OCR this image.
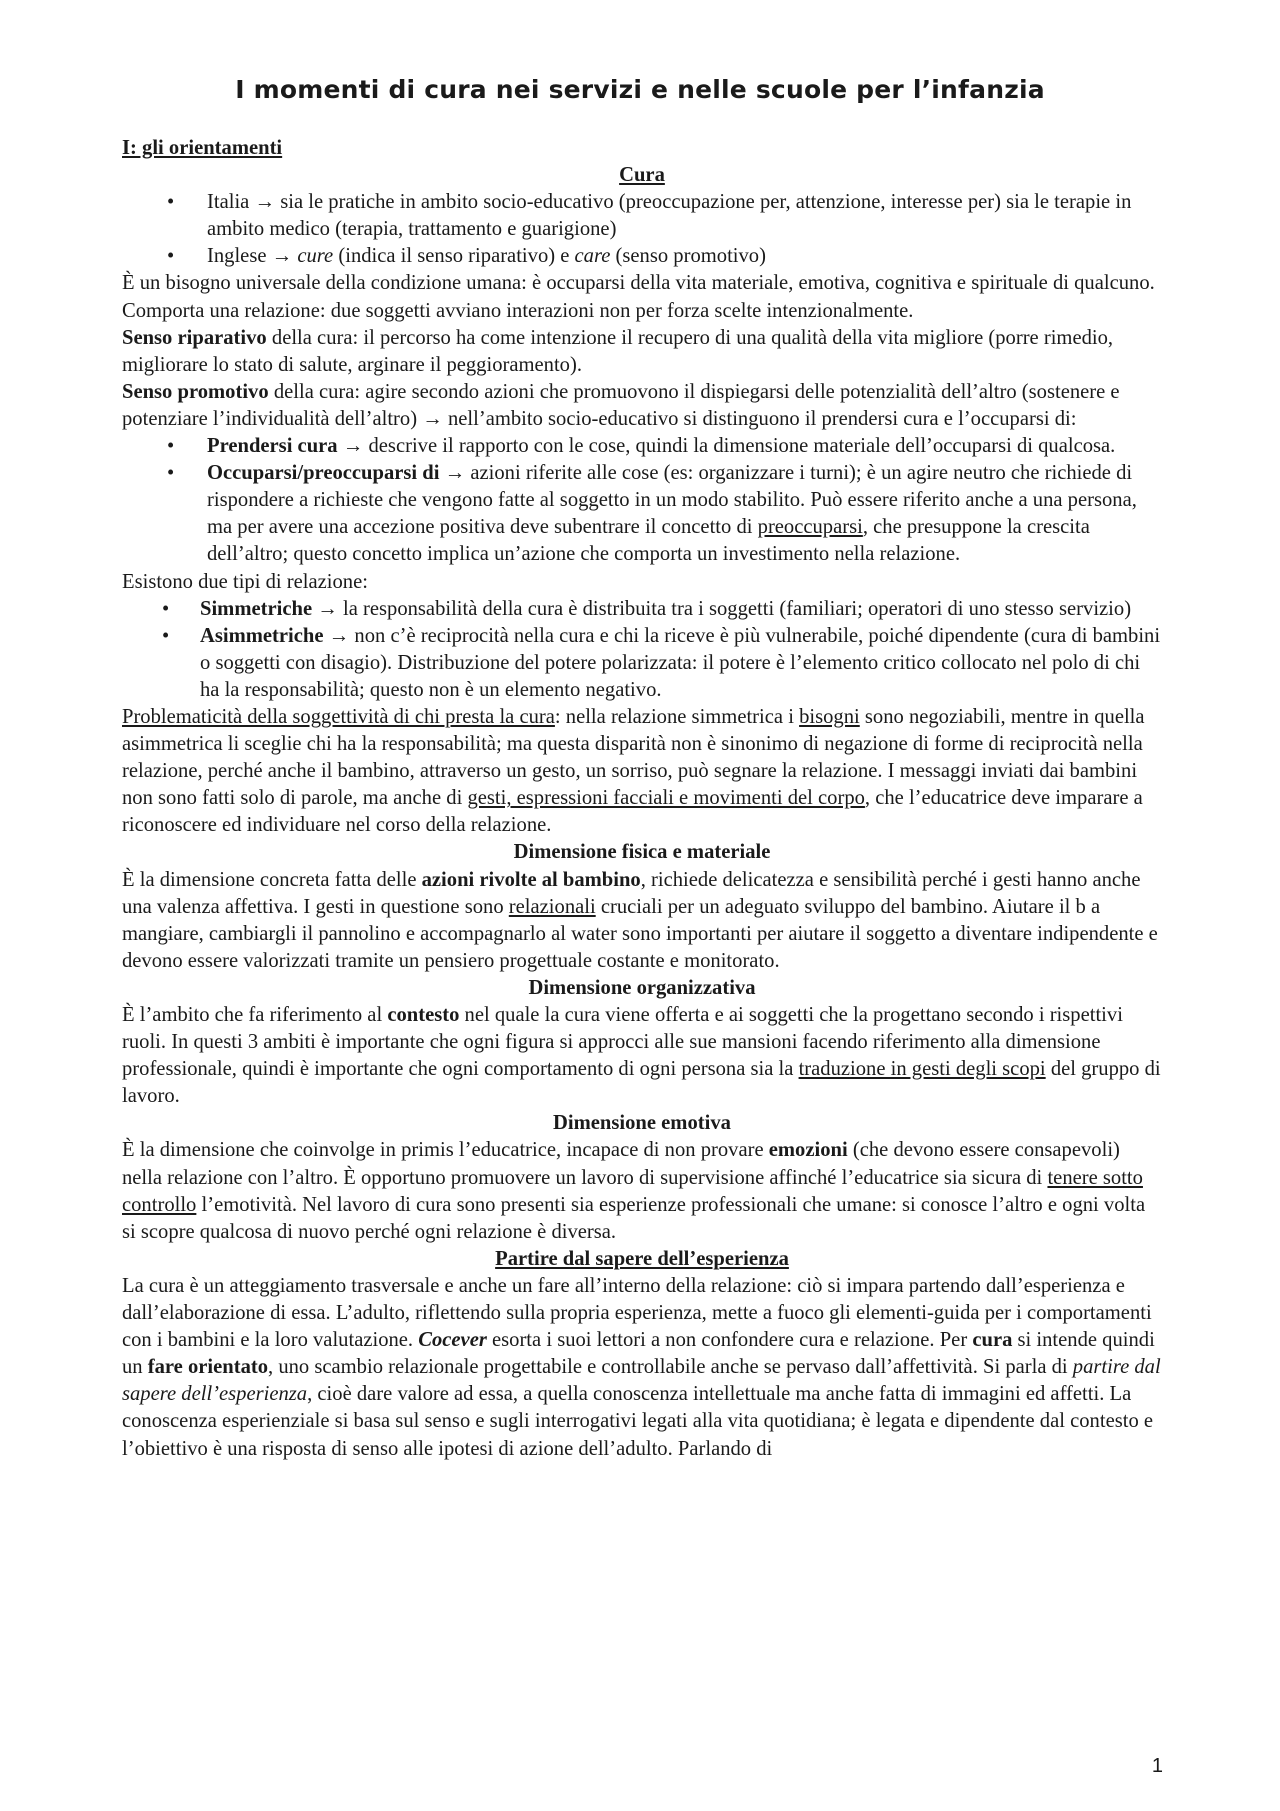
I momenti di cura nei servizi e nelle scuole per l’infanzia

I: gli orientamenti

Cura

• Italia → sia le pratiche in ambito socio-educativo (preoccupazione per, attenzione, interesse per) sia le terapie in ambito medico (terapia, trattamento e guarigione)
• Inglese → cure (indica il senso riparativo) e care (senso promotivo)

È un bisogno universale della condizione umana: è occuparsi della vita materiale, emotiva, cognitiva e spirituale di qualcuno.

Comporta una relazione: due soggetti avviano interazioni non per forza scelte intenzionalmente.

Senso riparativo della cura: il percorso ha come intenzione il recupero di una qualità della vita migliore (porre rimedio, migliorare lo stato di salute, arginare il peggioramento).

Senso promotivo della cura: agire secondo azioni che promuovono il dispiegarsi delle potenzialità dell’altro (sostenere e potenziare l’individualità dell’altro) → nell’ambito socio-educativo si distinguono il prendersi cura e l’occuparsi di:

• Prendersi cura → descrive il rapporto con le cose, quindi la dimensione materiale dell’occuparsi di qualcosa.
• Occuparsi/preoccuparsi di → azioni riferite alle cose (es: organizzare i turni); è un agire neutro che richiede di rispondere a richieste che vengono fatte al soggetto in un modo stabilito. Può essere riferito anche a una persona, ma per avere una accezione positiva deve subentrare il concetto di preoccuparsi, che presuppone la crescita dell’altro; questo concetto implica un’azione che comporta un investimento nella relazione.

Esistono due tipi di relazione:

• Simmetriche → la responsabilità della cura è distribuita tra i soggetti (familiari; operatori di uno stesso servizio)
• Asimmetriche → non c’è reciprocità nella cura e chi la riceve è più vulnerabile, poiché dipendente (cura di bambini o soggetti con disagio). Distribuzione del potere polarizzata: il potere è l’elemento critico collocato nel polo di chi ha la responsabilità; questo non è un elemento negativo.

Problematicità della soggettività di chi presta la cura: nella relazione simmetrica i bisogni sono negoziabili, mentre in quella asimmetrica li sceglie chi ha la responsabilità; ma questa disparità non è sinonimo di negazione di forme di reciprocità nella relazione, perché anche il bambino, attraverso un gesto, un sorriso, può segnare la relazione. I messaggi inviati dai bambini non sono fatti solo di parole, ma anche di gesti, espressioni facciali e movimenti del corpo, che l’educatrice deve imparare a riconoscere ed individuare nel corso della relazione.

Dimensione fisica e materiale

È la dimensione concreta fatta delle azioni rivolte al bambino, richiede delicatezza e sensibilità perché i gesti hanno anche una valenza affettiva. I gesti in questione sono relazionali cruciali per un adeguato sviluppo del bambino. Aiutare il b a mangiare, cambiargli il pannolino e accompagnarlo al water sono importanti per aiutare il soggetto a diventare indipendente e devono essere valorizzati tramite un pensiero progettuale costante e monitorato.

Dimensione organizzativa

È l’ambito che fa riferimento al contesto nel quale la cura viene offerta e ai soggetti che la progettano secondo i rispettivi ruoli. In questi 3 ambiti è importante che ogni figura si approcci alle sue mansioni facendo riferimento alla dimensione professionale, quindi è importante che ogni comportamento di ogni persona sia la traduzione in gesti degli scopi del gruppo di lavoro.

Dimensione emotiva

È la dimensione che coinvolge in primis l’educatrice, incapace di non provare emozioni (che devono essere consapevoli) nella relazione con l’altro. È opportuno promuovere un lavoro di supervisione affinché l’educatrice sia sicura di tenere sotto controllo l’emotività. Nel lavoro di cura sono presenti sia esperienze professionali che umane: si conosce l’altro e ogni volta si scopre qualcosa di nuovo perché ogni relazione è diversa.

Partire dal sapere dell’esperienza

La cura è un atteggiamento trasversale e anche un fare all’interno della relazione: ciò si impara partendo dall’esperienza e dall’elaborazione di essa. L’adulto, riflettendo sulla propria esperienza, mette a fuoco gli elementi-guida per i comportamenti con i bambini e la loro valutazione. Cocever esorta i suoi lettori a non confondere cura e relazione. Per cura si intende quindi un fare orientato, uno scambio relazionale progettabile e controllabile anche se pervaso dall’affettività. Si parla di partire dal sapere dell’esperienza, cioè dare valore ad essa, a quella conoscenza intellettuale ma anche fatta di immagini ed affetti. La conoscenza esperienziale si basa sul senso e sugli interrogativi legati alla vita quotidiana; è legata e dipendente dal contesto e l’obiettivo è una risposta di senso alle ipotesi di azione dell’adulto. Parlando di

1
